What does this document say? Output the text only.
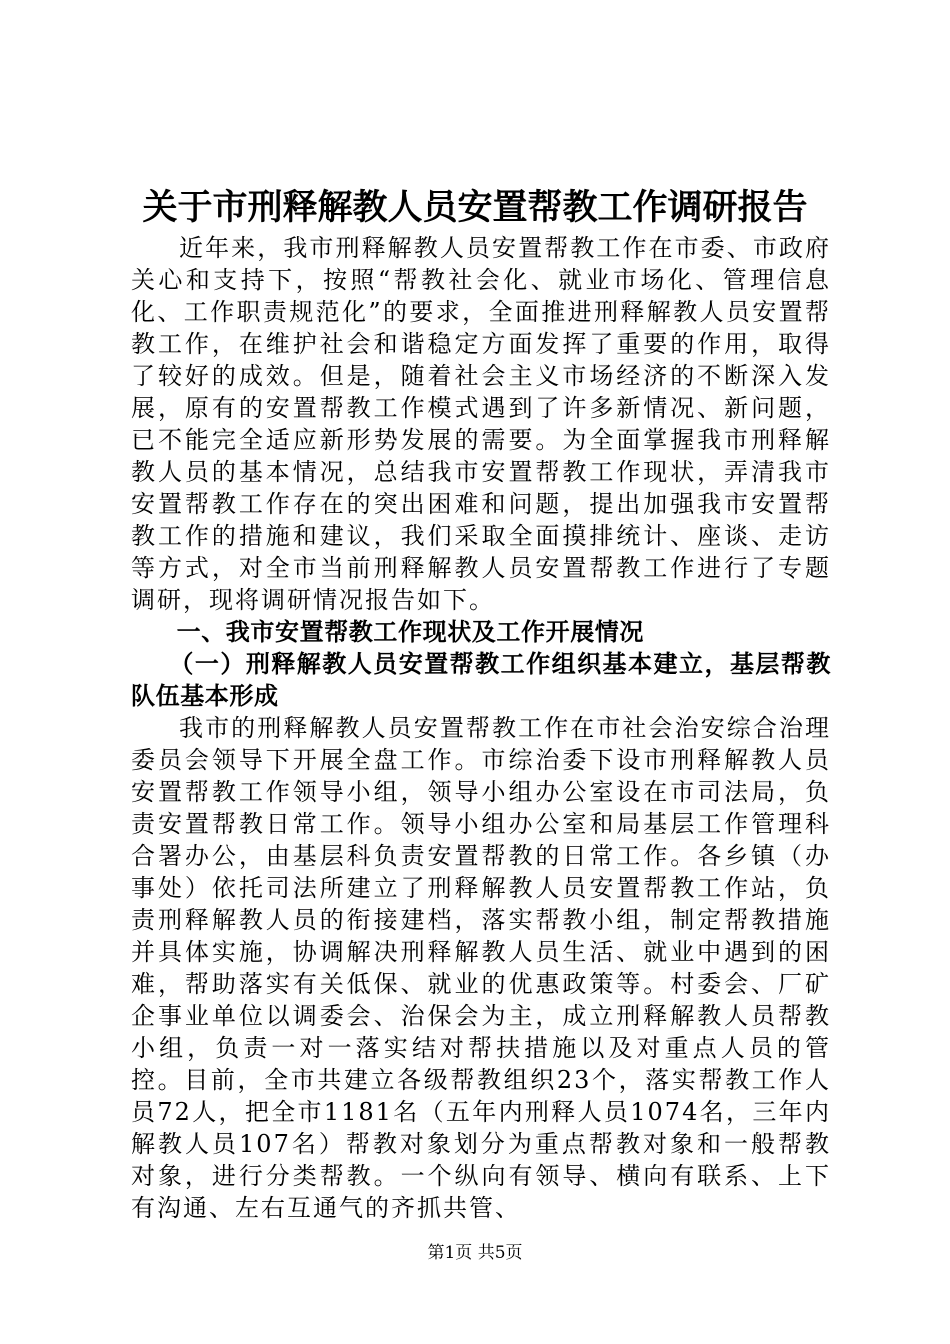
关于市刑释解教人员安置帮教工作调研报告

近年来，我市刑释解教人员安置帮教工作在市委、市政府关心和支持下，按照“帮教社会化、就业市场化、管理信息化、工作职责规范化”的要求，全面推进刑释解教人员安置帮教工作，在维护社会和谐稳定方面发挥了重要的作用，取得了较好的成效。但是，随着社会主义市场经济的不断深入发展，原有的安置帮教工作模式遇到了许多新情况、新问题，已不能完全适应新形势发展的需要。为全面掌握我市刑释解教人员的基本情况，总结我市安置帮教工作现状，弄清我市安置帮教工作存在的突出困难和问题，提出加强我市安置帮教工作的措施和建议，我们采取全面摸排统计、座谈、走访等方式，对全市当前刑释解教人员安置帮教工作进行了专题调研，现将调研情况报告如下。

一、我市安置帮教工作现状及工作开展情况

（一）刑释解教人员安置帮教工作组织基本建立，基层帮教队伍基本形成

我市的刑释解教人员安置帮教工作在市社会治安综合治理委员会领导下开展全盘工作。市综治委下设市刑释解教人员安置帮教工作领导小组，领导小组办公室设在市司法局，负责安置帮教日常工作。领导小组办公室和局基层工作管理科合署办公，由基层科负责安置帮教的日常工作。各乡镇（办事处）依托司法所建立了刑释解教人员安置帮教工作站，负责刑释解教人员的衔接建档，落实帮教小组，制定帮教措施并具体实施，协调解决刑释解教人员生活、就业中遇到的困难，帮助落实有关低保、就业的优惠政策等。村委会、厂矿企事业单位以调委会、治保会为主，成立刑释解教人员帮教小组，负责一对一落实结对帮扶措施以及对重点人员的管控。目前，全市共建立各级帮教组织23个，落实帮教工作人员72人，把全市1181名（五年内刑释人员1074名，三年内解教人员107名）帮教对象划分为重点帮教对象和一般帮教对象，进行分类帮教。一个纵向有领导、横向有联系、上下有沟通、左右互通气的齐抓共管、

第1页 共5页
